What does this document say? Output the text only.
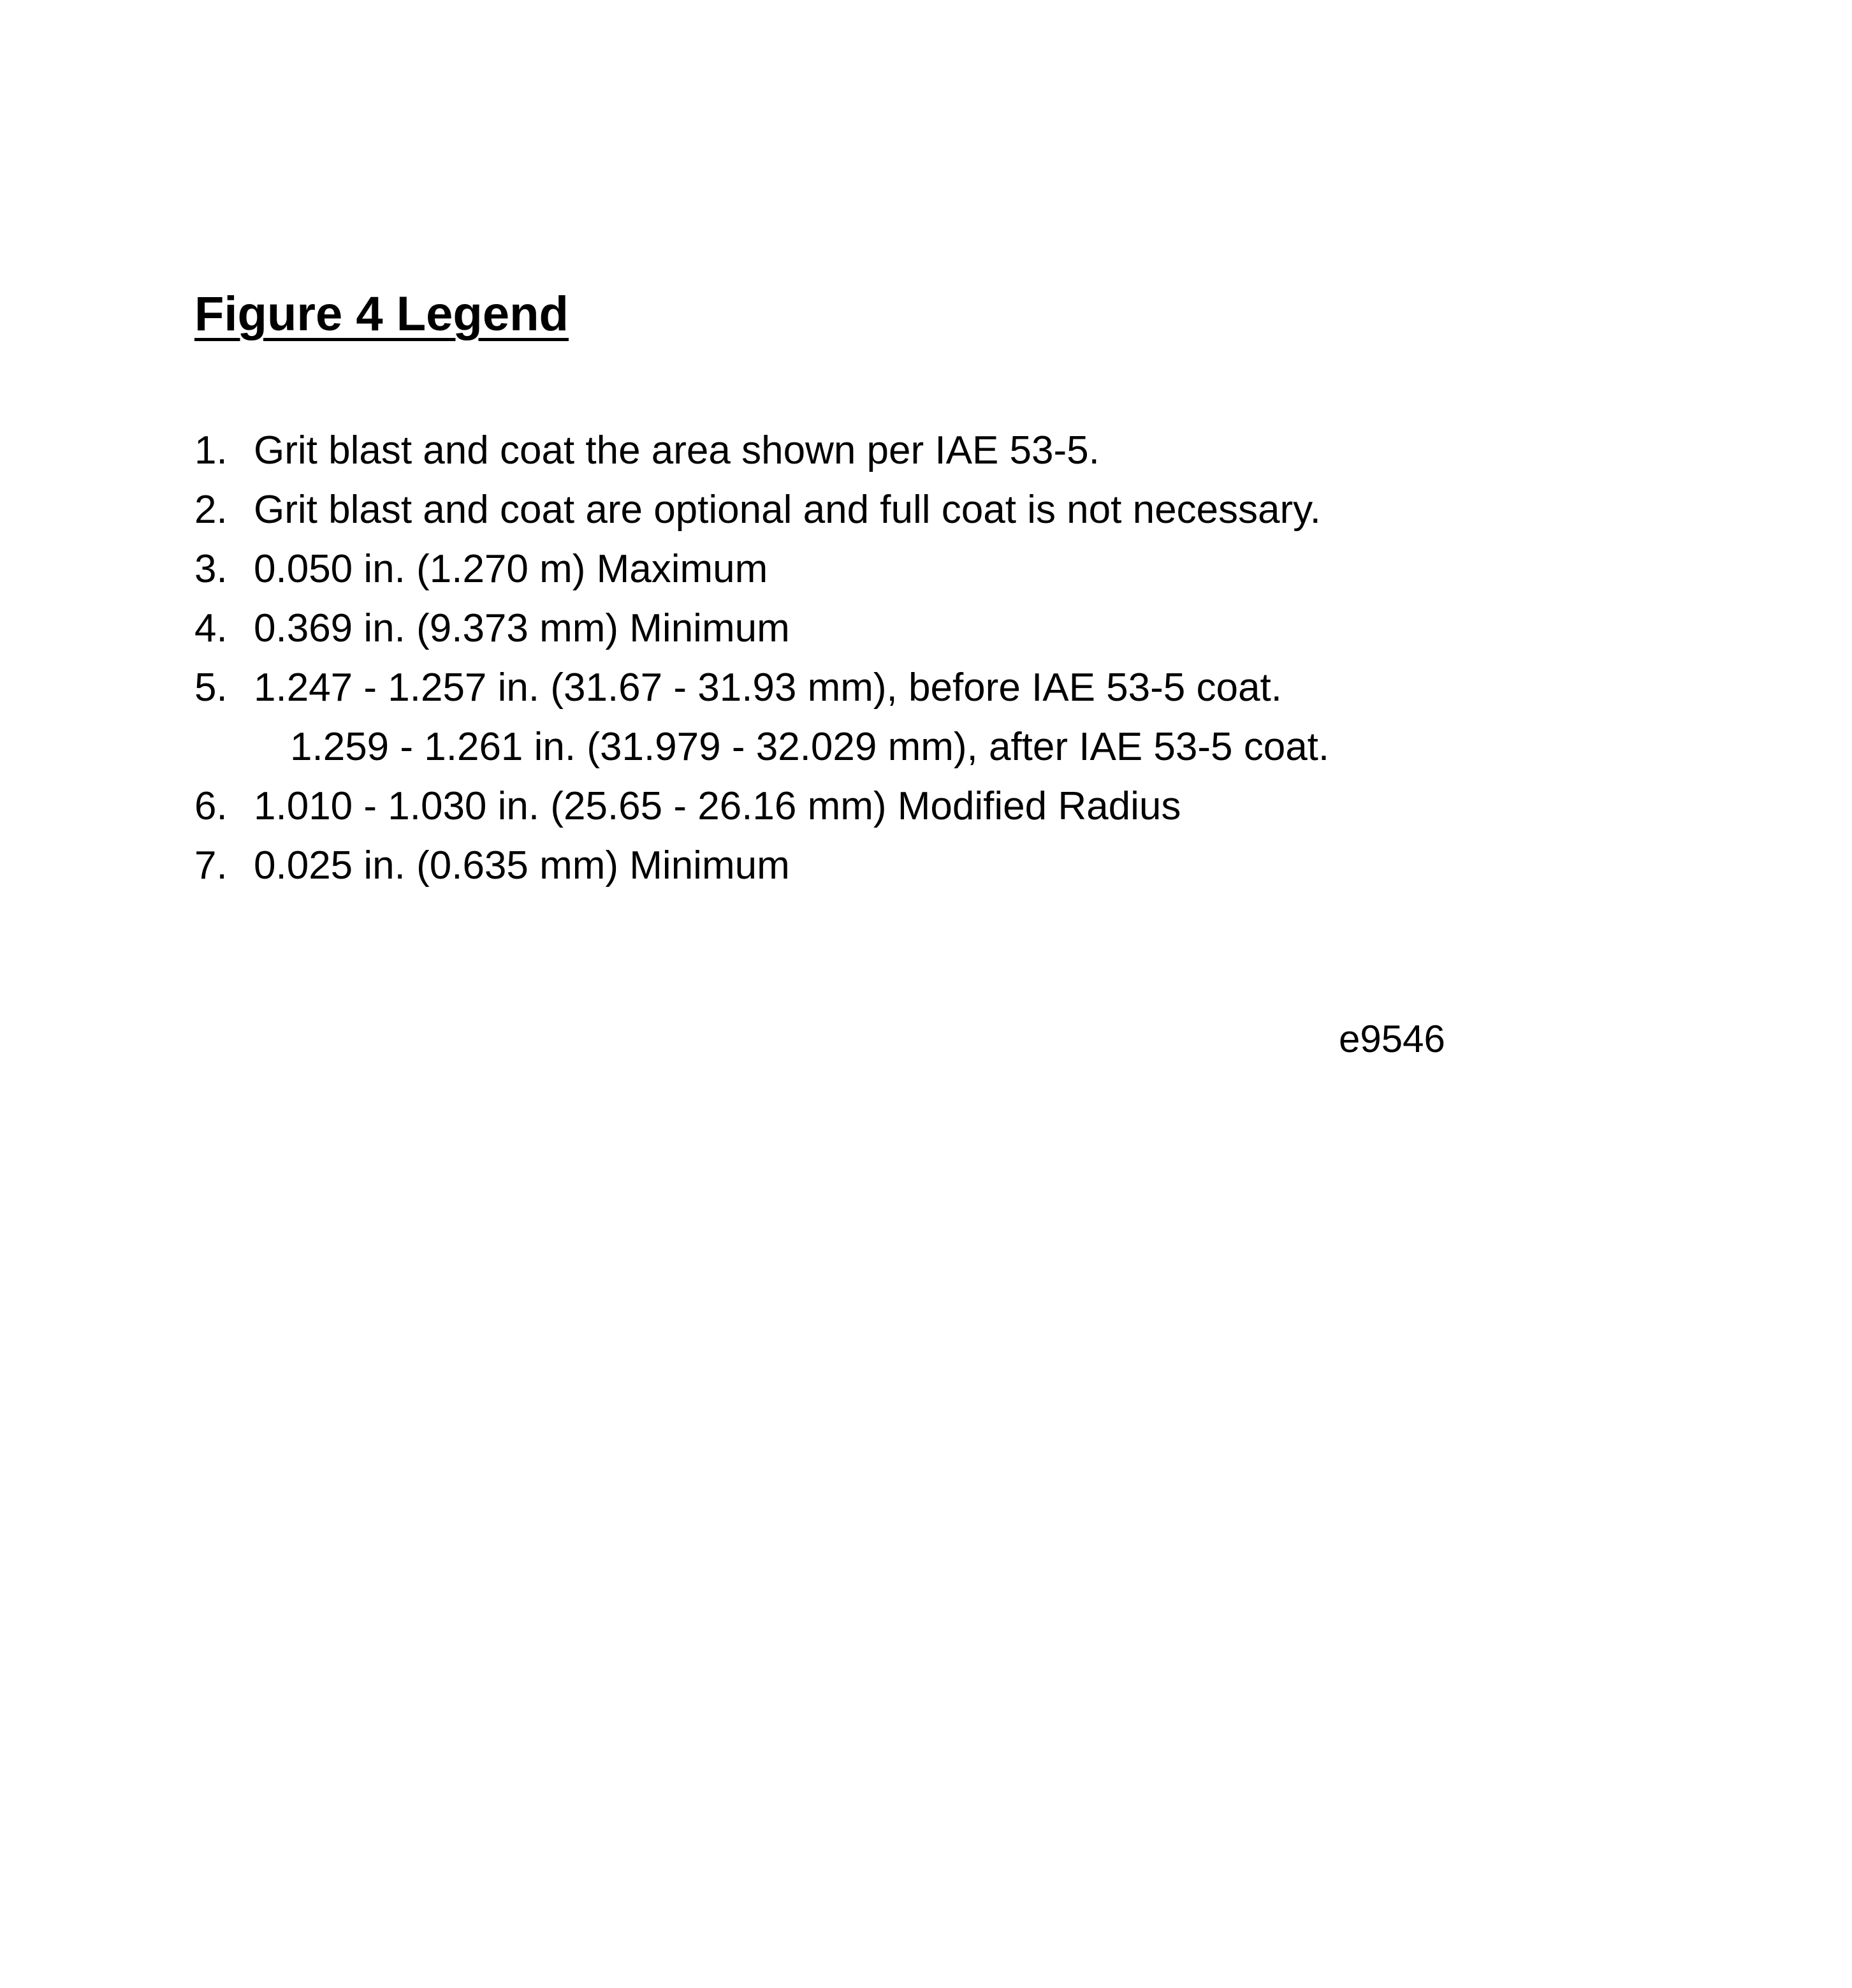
Figure 4 Legend
1. Grit blast and coat the area shown per IAE 53-5.
2. Grit blast and coat are optional and full coat is not necessary.
3. 0.050 in. (1.270 m) Maximum
4. 0.369 in. (9.373 mm) Minimum
5. 1.247 - 1.257 in. (31.67 - 31.93 mm), before IAE 53-5 coat.
1.259 - 1.261 in. (31.979 - 32.029 mm), after IAE 53-5 coat.
6. 1.010 - 1.030 in. (25.65 - 26.16 mm) Modified Radius
7. 0.025 in. (0.635 mm) Minimum
e9546
